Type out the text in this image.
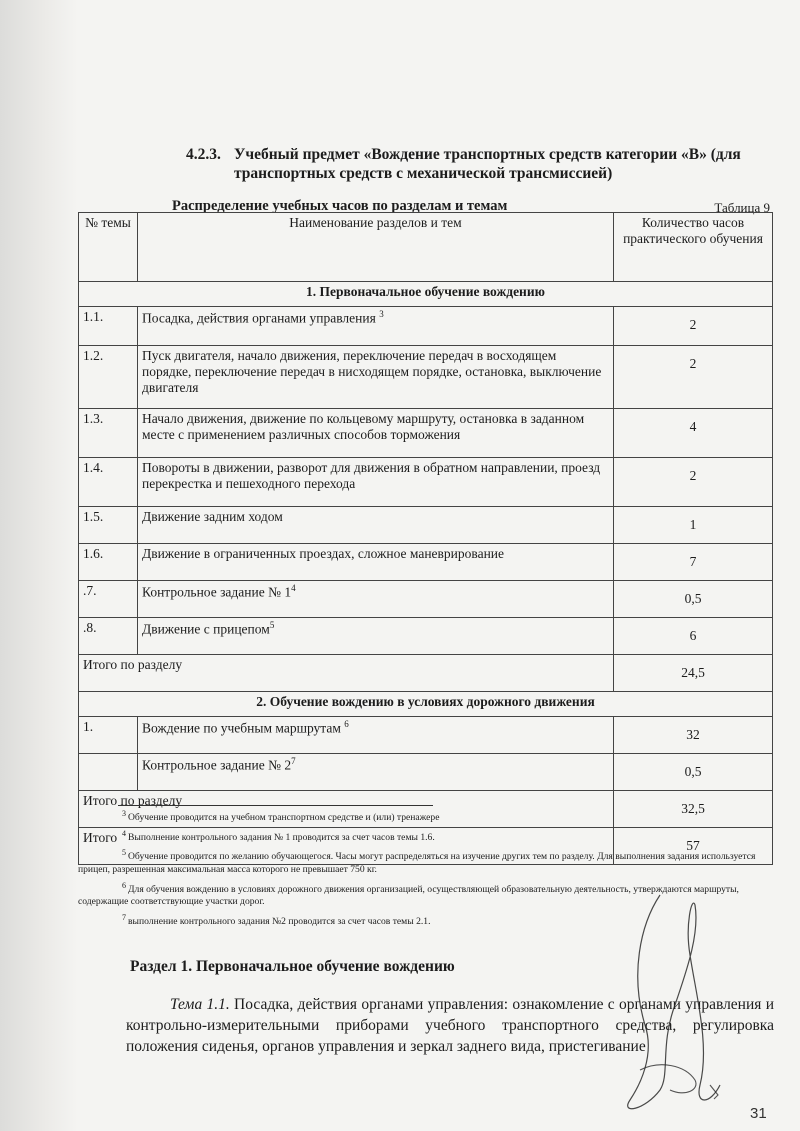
4.2.3. Учебный предмет «Вождение транспортных средств категории «В» (для
транспортных средств с механической трансмиссией)
Распределение учебных часов по разделам и темам	Таблица 9
№ темы	Наименование разделов и тем	Количество часов практического обучения
1. Первоначальное обучение вождению		
1.1.	Посадка, действия органами управления $^3$	2
1.2.	Пуск двигателя, начало движения, переключение передач в восходящем порядке, переключение передач в нисходящем порядке, остановка, выключение двигателя	2
1.3.	Начало движения, движение по кольцевому маршруту, остановка в заданном месте с применением различных способов торможения	4
1.4.	Повороты в движении, разворот для движения в обратном направлении, проезд перекрестка и пешеходного перехода	2
1.5.	Движение задним ходом	1
1.6.	Движение в ограниченных проездах, сложное маневрирование	7
.7.	Контрольное задание № $1^4$	0,5
.8.	Движение с прицепом$^5$	6
Итого по разделу		24,5
2. Обучение вождению в условиях дорожного движения		
1.	Вождение по учебным маршрутам $^6$	32
	Контрольное задание № $2^7$	0,5
Итого по разделу		32,5
Итого		57

$^3$ Обучение проводится на учебном транспортном средстве и (или) тренажере

$^4$ Выполнение контрольного задания № 1 проводится за счет часов темы 1.6.

$^5$ Обучение проводится по желанию обучающегося. Часы могут распределяться на изучение других тем по разделу. Для выполнения задания используется прицеп, разрешенная максимальная масса которого не превышает 750 кг.

$^6$ Для обучения вождению в условиях дорожного движения организацией, осуществляющей образовательную деятельность, утверждаются маршруты, содержащие соответствующие участки дорог.

$^7$ выполнение контрольного задания №2 проводится за счет часов темы 2.1.

Раздел 1. Первоначальное обучение вождению
Тема 1.1. Посадка, действия органами управления: ознакомление с органами управления и контрольно-измерительными приборами учебного транспортного средства, регулировка положения сиденья, органов управления и зеркал заднего вида, пристегивание
31
